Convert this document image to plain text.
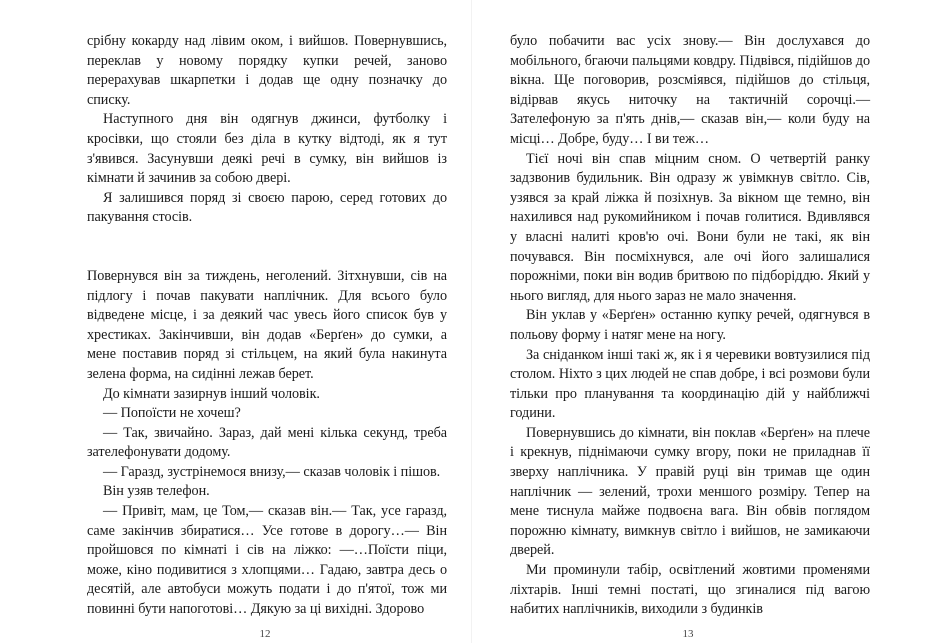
срібну кокарду над лівим оком, і вийшов. Повернувшись, переклав у новому порядку купки речей, заново перерахував шкарпетки і додав ще одну позначку до списку.

Наступного дня він одягнув джинси, футболку і кросівки, що стояли без діла в кутку відтоді, як я тут з'явився. Засунувши деякі речі в сумку, він вийшов із кімнати й зачинив за собою двері.

Я залишився поряд зі своєю парою, серед готових до пакування стосів.

Повернувся він за тиждень, неголений. Зітхнувши, сів на підлогу і почав пакувати наплічник. Для всього було відведене місце, і за деякий час увесь його список був у хрестиках. Закінчивши, він додав «Берґен» до сумки, а мене поставив поряд зі стільцем, на який була накинута зелена форма, на сидінні лежав берет.

До кімнати зазирнув інший чоловік.

— Попоїсти не хочеш?

— Так, звичайно. Зараз, дай мені кілька секунд, треба зателефонувати додому.

— Гаразд, зустрінемося внизу,— сказав чоловік і пішов.

Він узяв телефон.

— Привіт, мам, це Том,— сказав він.— Так, усе гаразд, саме закінчив збиратися… Усе готове в дорогу…— Він пройшовся по кімнаті і сів на ліжко: —…Поїсти піци, може, кіно подивитися з хлопцями… Гадаю, завтра десь о десятій, але автобуси можуть подати і до п'ятої, тож ми повинні бути напоготові… Дякую за ці вихідні. Здорово

було побачити вас усіх знову.— Він дослухався до мобільного, бгаючи пальцями ковдру. Підвівся, підійшов до вікна. Ще поговорив, розсміявся, підійшов до стільця, відірвав якусь ниточку на тактичній сорочці.— Зателефоную за п'ять днів,— сказав він,— коли буду на місці… Добре, буду… І ви теж…

Тієї ночі він спав міцним сном. О четвертій ранку задзвонив будильник. Він одразу ж увімкнув світло. Сів, узявся за край ліжка й позіхнув. За вікном ще темно, він нахилився над рукомийником і почав голитися. Вдивлявся у власні налиті кров'ю очі. Вони були не такі, як він почувався. Він посміхнувся, але очі його залишалися порожніми, поки він водив бритвою по підборіддю. Який у нього вигляд, для нього зараз не мало значення.

Він уклав у «Берґен» останню купку речей, одягнувся в польову форму і натяг мене на ногу.

За сніданком інші такі ж, як і я черевики вовтузилися під столом. Ніхто з цих людей не спав добре, і всі розмови були тільки про планування та координацію дій у найближчі години.

Повернувшись до кімнати, він поклав «Берґен» на плече і крекнув, піднімаючи сумку вгору, поки не приладнав її зверху наплічника. У правій руці він тримав ще один наплічник — зелений, трохи меншого розміру. Тепер на мене тиснула майже подвоєна вага. Він обвів поглядом порожню кімнату, вимкнув світло і вийшов, не замикаючи дверей.

Ми проминули табір, освітлений жовтими променями ліхтарів. Інші темні постаті, що згиналися під вагою набитих наплічників, виходили з будинків

12	13
